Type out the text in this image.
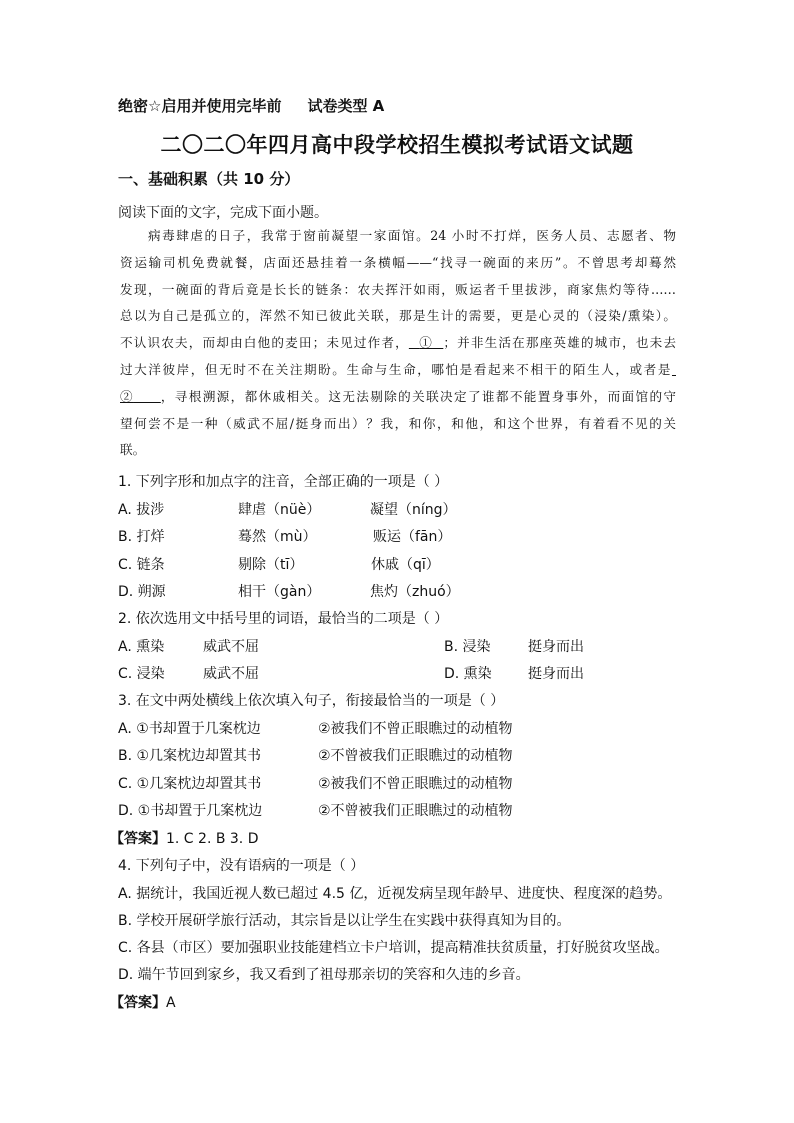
绝密☆启用并使用完毕前 试卷类型 A
二〇二〇年四月高中段学校招生模拟考试语文试题
一、基础积累（共 10 分）
阅读下面的文字，完成下面小题。
病毒肆虐的日子，我常于窗前凝望一家面馆。24 小时不打烊，医务人员、志愿者、物
资运输司机免费就餐，店面还悬挂着一条横幅——“找寻一碗面的来历”。不曾思考却蓦然
发现，一碗面的背后竟是长长的链条：农夫挥汗如雨，贩运者千里拔涉，商家焦灼等待……
总以为自己是孤立的，浑然不知已彼此关联，那是生计的需要，更是心灵的（浸染/熏染）。
不认识农夫，而却由白他的麦田；未见过作者， ① ；并非生活在那座英雄的城市，也未去
过大洋彼岸，但无时不在关注期盼。生命与生命，哪怕是看起来不相干的陌生人，或者是
② ，寻根溯源，都休戚相关。这无法剔除的关联决定了谁都不能置身事外，而面馆的守
望何尝不是一种（威武不屈/挺身而出）？我，和你，和他，和这个世界，有着看不见的关
联。
1. 下列字形和加点字的注音，全部正确的一项是（ ）
A. 拔涉	肆虐（nüè）	凝望（níng）
B. 打烊	蓦然（mù）	贩运（fān）
C. 链条	剔除（tī）	休戚（qī）
D. 朔源	相干（gàn）	焦灼（zhuó）
2. 依次选用文中括号里的词语，最恰当的二项是（ ）
A. 熏染	威武不屈	B. 浸染	挺身而出
C. 浸染	威武不屈	D. 熏染	挺身而出
3. 在文中两处横线上依次填入句子，衔接最恰当的一项是（ ）
A. ①书却置于几案枕边	②被我们不曾正眼瞧过的动植物
B. ①几案枕边却置其书	②不曾被我们正眼瞧过的动植物
C. ①几案枕边却置其书	②被我们不曾正眼瞧过的动植物
D. ①书却置于几案枕边	②不曾被我们正眼瞧过的动植物
【答案】1. C 2. B 3. D
4. 下列句子中，没有语病的一项是（ ）
A. 据统计，我国近视人数已超过 4.5 亿，近视发病呈现年龄早、进度快、程度深的趋势。
B. 学校开展研学旅行活动，其宗旨是以让学生在实践中获得真知为目的。
C. 各县（市区）要加强职业技能建档立卡户培训，提高精准扶贫质量，打好脱贫攻坚战。
D. 端午节回到家乡，我又看到了祖母那亲切的笑容和久违的乡音。
【答案】A
